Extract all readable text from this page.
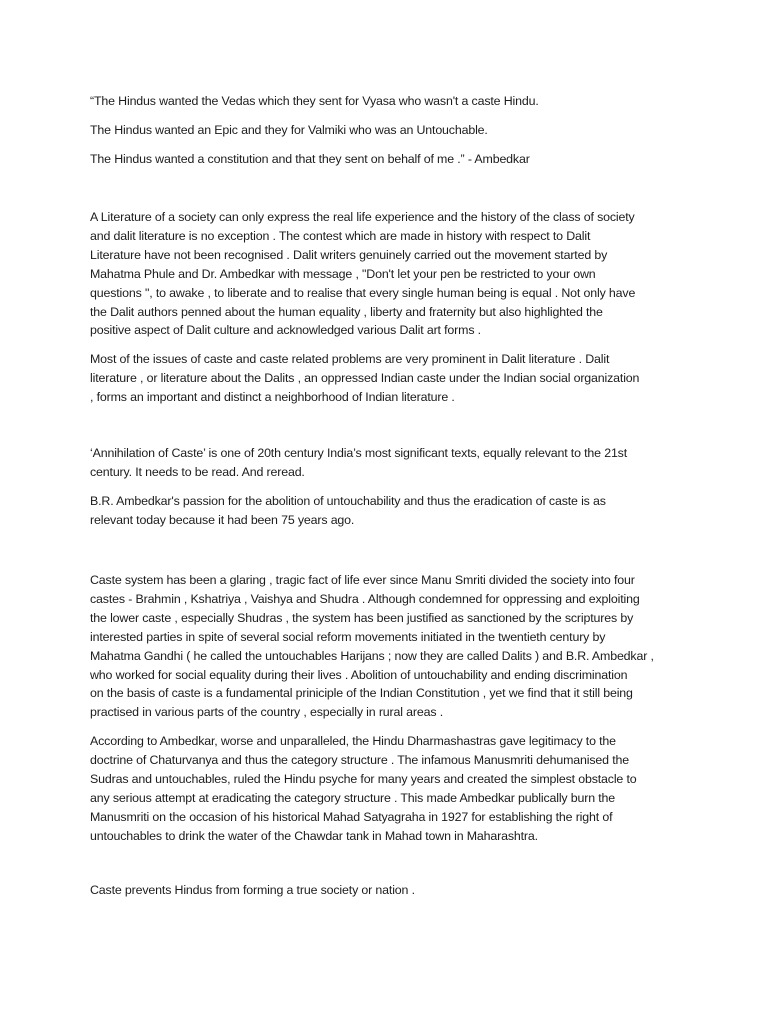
“The Hindus wanted the Vedas which they sent for Vyasa who wasn't a caste Hindu.

The Hindus wanted an Epic and they for Valmiki who was an Untouchable.

The Hindus wanted a constitution and that they sent on behalf of me .” - Ambedkar

A Literature of a society can only express the real life experience and the history of the class of society
and dalit literature is no exception . The contest which are made in history with respect to Dalit
Literature have not been recognised . Dalit writers genuinely carried out the movement started by
Mahatma Phule and Dr. Ambedkar with message , "Don't let your pen be restricted to your own
questions ", to awake , to liberate and to realise that every single human being is equal . Not only have
the Dalit authors penned about the human equality , liberty and fraternity but also highlighted the
positive aspect of Dalit culture and acknowledged various Dalit art forms .

Most of the issues of caste and caste related problems are very prominent in Dalit literature . Dalit
literature , or literature about the Dalits , an oppressed Indian caste under the Indian social organization
, forms an important and distinct a neighborhood of Indian literature .

‘Annihilation of Caste’ is one of 20th century India’s most significant texts, equally relevant to the 21st
century. It needs to be read. And reread.

B.R. Ambedkar's passion for the abolition of untouchability and thus the eradication of caste is as
relevant today because it had been 75 years ago.

Caste system has been a glaring , tragic fact of life ever since Manu Smriti divided the society into four
castes - Brahmin , Kshatriya , Vaishya and Shudra . Although condemned for oppressing and exploiting
the lower caste , especially Shudras , the system has been justified as sanctioned by the scriptures by
interested parties in spite of several social reform movements initiated in the twentieth century by
Mahatma Gandhi ( he called the untouchables Harijans ; now they are called Dalits ) and B.R. Ambedkar ,
who worked for social equality during their lives . Abolition of untouchability and ending discrimination
on the basis of caste is a fundamental priniciple of the Indian Constitution , yet we find that it still being
practised in various parts of the country , especially in rural areas .

According to Ambedkar, worse and unparalleled, the Hindu Dharmashastras gave legitimacy to the
doctrine of Chaturvanya and thus the category structure . The infamous Manusmriti dehumanised the
Sudras and untouchables, ruled the Hindu psyche for many years and created the simplest obstacle to
any serious attempt at eradicating the category structure . This made Ambedkar publically burn the
Manusmriti on the occasion of his historical Mahad Satyagraha in 1927 for establishing the right of
untouchables to drink the water of the Chawdar tank in Mahad town in Maharashtra.

Caste prevents Hindus from forming a true society or nation .
